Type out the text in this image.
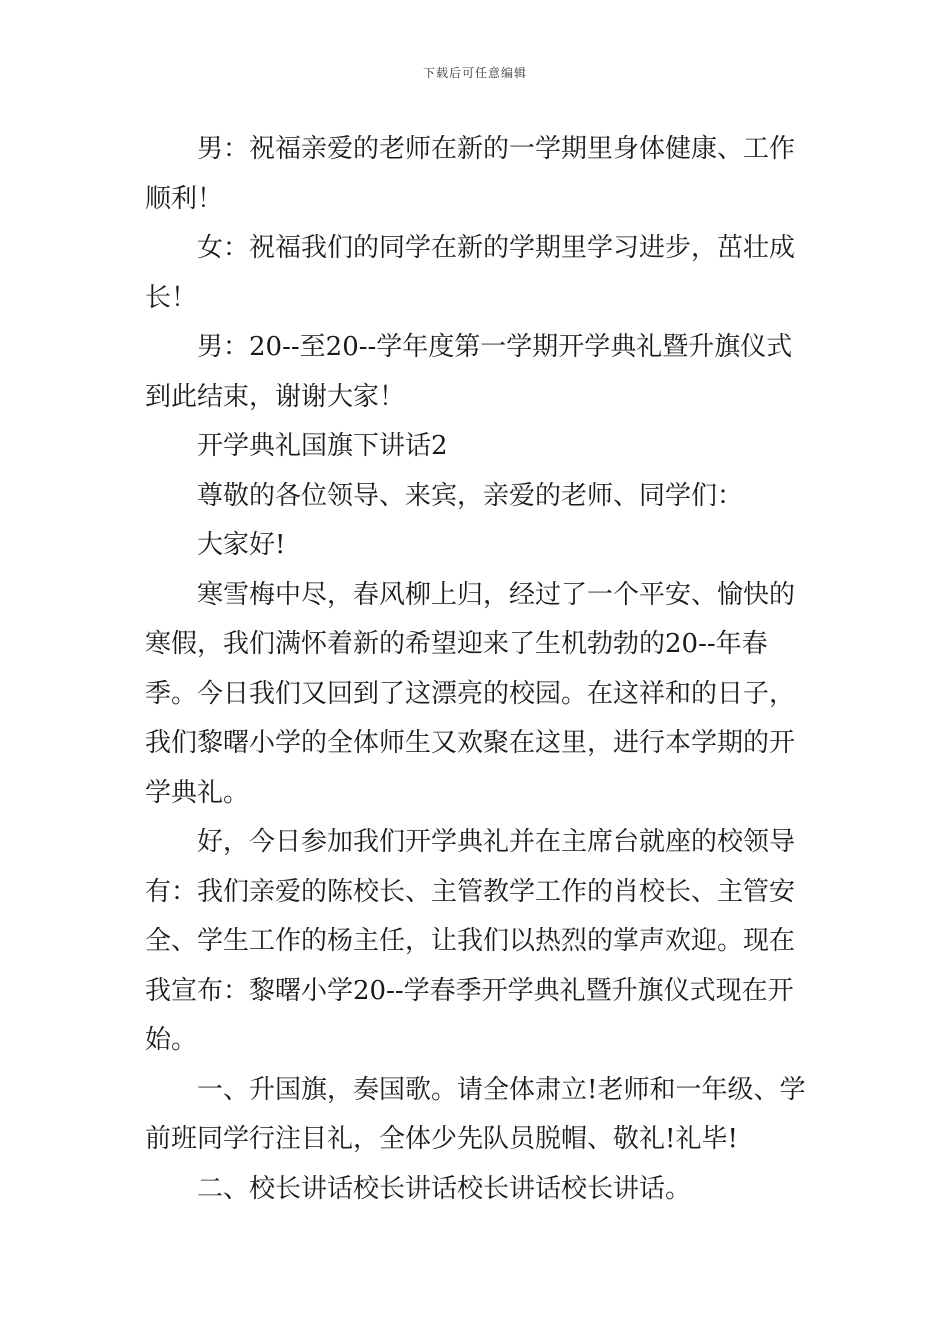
下载后可任意编辑

男：祝福亲爱的老师在新的一学期里身体健康、工作顺利！

女：祝福我们的同学在新的学期里学习进步，茁壮成长！

男：20--至20--学年度第一学期开学典礼暨升旗仪式到此结束，谢谢大家！

开学典礼国旗下讲话2

尊敬的各位领导、来宾，亲爱的老师、同学们：

大家好!

寒雪梅中尽，春风柳上归，经过了一个平安、愉快的寒假，我们满怀着新的希望迎来了生机勃勃的20--年春季。今日我们又回到了这漂亮的校园。在这祥和的日子，我们黎曙小学的全体师生又欢聚在这里，进行本学期的开学典礼。

好，今日参加我们开学典礼并在主席台就座的校领导有：我们亲爱的陈校长、主管教学工作的肖校长、主管安全、学生工作的杨主任，让我们以热烈的掌声欢迎。现在我宣布：黎曙小学20--学春季开学典礼暨升旗仪式现在开始。

一、升国旗，奏国歌。请全体肃立!老师和一年级、学前班同学行注目礼，全体少先队员脱帽、敬礼!礼毕!

二、校长讲话校长讲话校长讲话校长讲话。
